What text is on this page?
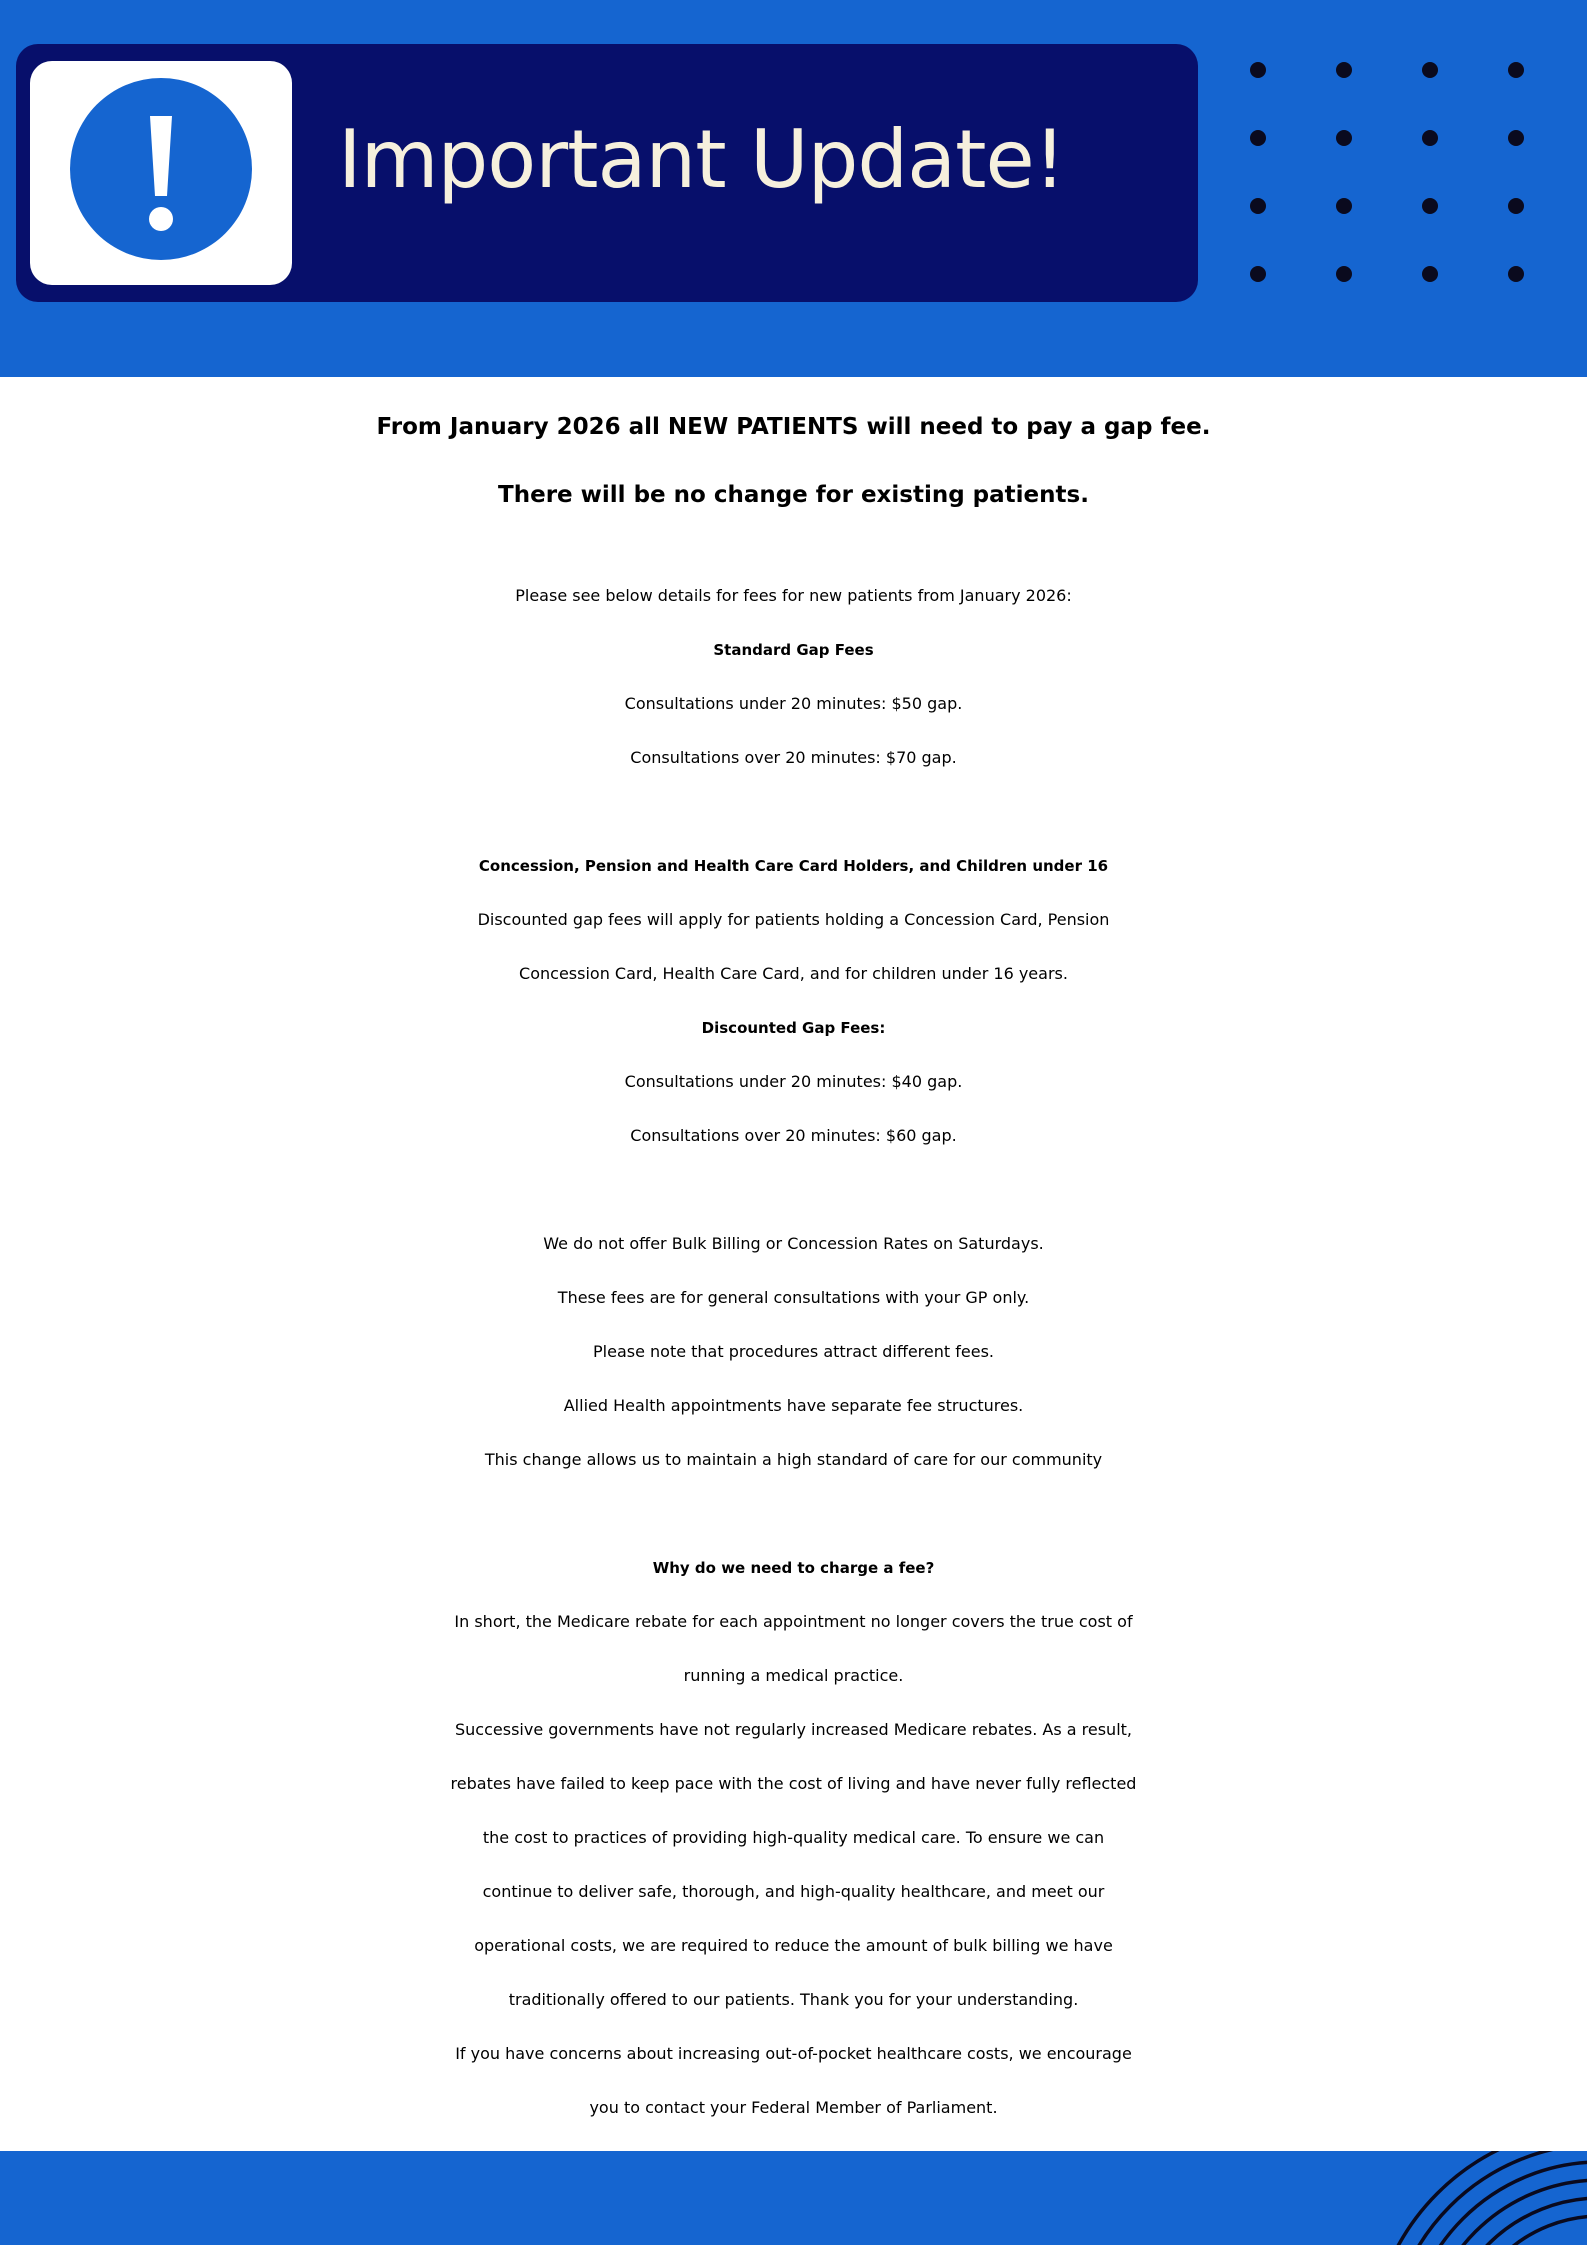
Important Update!

From January 2026 all NEW PATIENTS will need to pay a gap fee.

There will be no change for existing patients.

Please see below details for fees for new patients from January 2026:

Standard Gap Fees

Consultations under 20 minutes: $50 gap.

Consultations over 20 minutes: $70 gap.

Concession, Pension and Health Care Card Holders, and Children under 16

Discounted gap fees will apply for patients holding a Concession Card, Pension

Concession Card, Health Care Card, and for children under 16 years.

Discounted Gap Fees:

Consultations under 20 minutes: $40 gap.

Consultations over 20 minutes: $60 gap.

We do not offer Bulk Billing or Concession Rates on Saturdays.

These fees are for general consultations with your GP only.

Please note that procedures attract different fees.

Allied Health appointments have separate fee structures.

This change allows us to maintain a high standard of care for our community

Why do we need to charge a fee?

In short, the Medicare rebate for each appointment no longer covers the true cost of

running a medical practice.

Successive governments have not regularly increased Medicare rebates. As a result,

rebates have failed to keep pace with the cost of living and have never fully reflected

the cost to practices of providing high-quality medical care. To ensure we can

continue to deliver safe, thorough, and high-quality healthcare, and meet our

operational costs, we are required to reduce the amount of bulk billing we have

traditionally offered to our patients. Thank you for your understanding.

If you have concerns about increasing out-of-pocket healthcare costs, we encourage

you to contact your Federal Member of Parliament.
